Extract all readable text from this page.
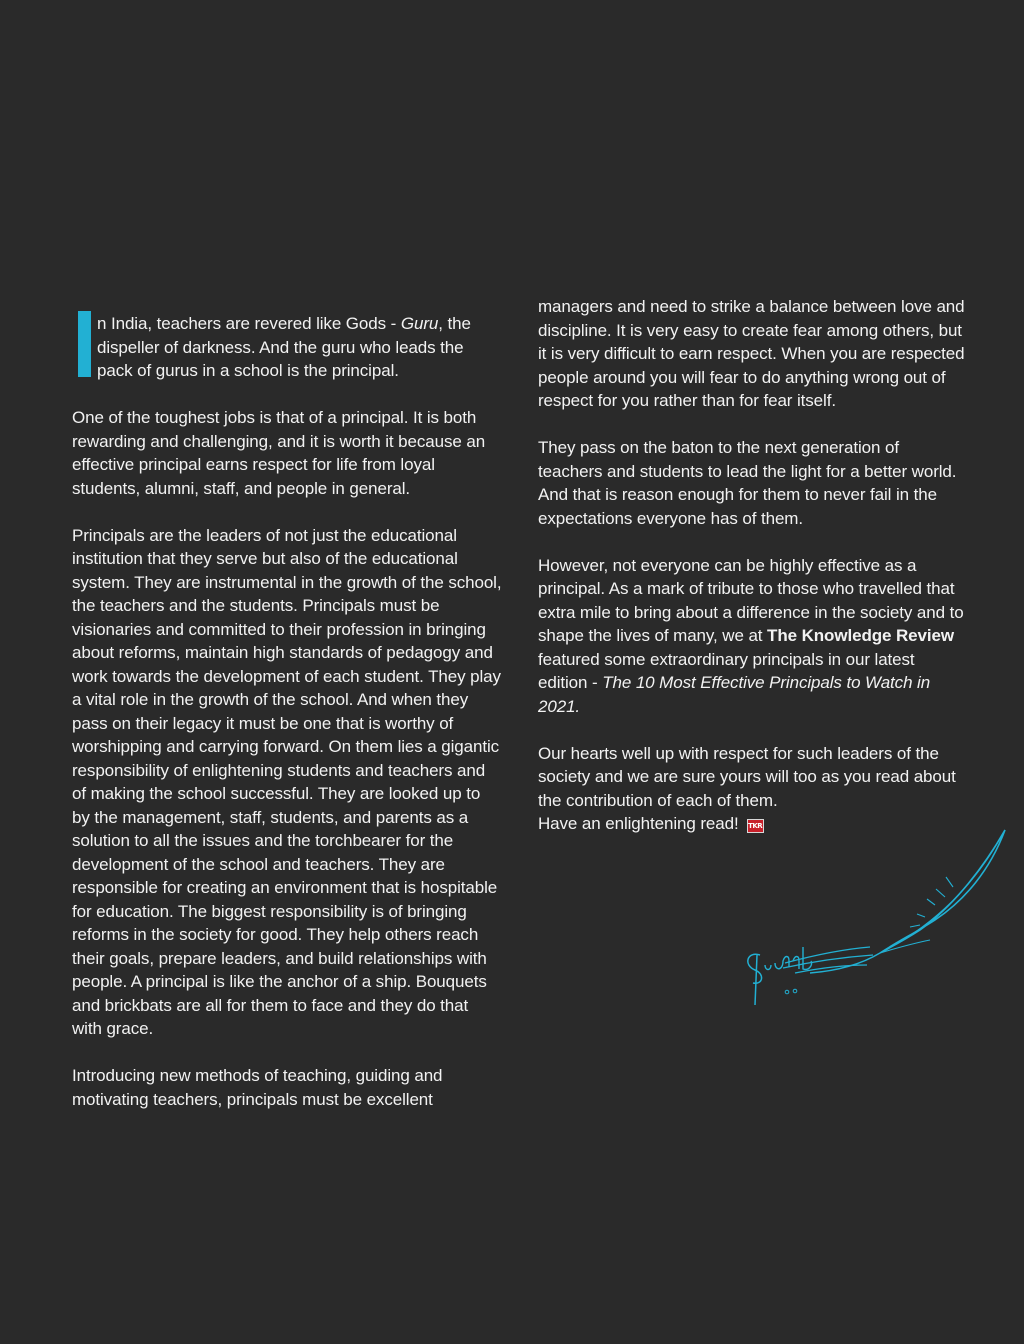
n India, teachers are revered like Gods - Guru, the dispeller of darkness. And the guru who leads the pack of gurus in a school is the principal.

One of the toughest jobs is that of a principal. It is both rewarding and challenging, and it is worth it because an effective principal earns respect for life from loyal students, alumni, staff, and people in general.

Principals are the leaders of not just the educational institution that they serve but also of the educational system. They are instrumental in the growth of the school, the teachers and the students. Principals must be visionaries and committed to their profession in bringing about reforms, maintain high standards of pedagogy and work towards the development of each student. They play a vital role in the growth of the school. And when they pass on their legacy it must be one that is worthy of worshipping and carrying forward. On them lies a gigantic responsibility of enlightening students and teachers and of making the school successful. They are looked up to by the management, staff, students, and parents as a solution to all the issues and the torchbearer for the development of the school and teachers. They are responsible for creating an environment that is hospitable for education. The biggest responsibility is of bringing reforms in the society for good. They help others reach their goals, prepare leaders, and build relationships with people. A principal is like the anchor of a ship. Bouquets and brickbats are all for them to face and they do that with grace.

Introducing new methods of teaching, guiding and motivating teachers, principals must be excellent

managers and need to strike a balance between love and discipline. It is very easy to create fear among others, but it is very difficult to earn respect. When you are respected people around you will fear to do anything wrong out of respect for you rather than for fear itself.

They pass on the baton to the next generation of teachers and students to lead the light for a better world. And that is reason enough for them to never fail in the expectations everyone has of them.

However, not everyone can be highly effective as a principal. As a mark of tribute to those who travelled that extra mile to bring about a difference in the society and to shape the lives of many, we at The Knowledge Review featured some extraordinary principals in our latest edition - The 10 Most Effective Principals to Watch in 2021.

Our hearts well up with respect for such leaders of the society and we are sure yours will too as you read about the contribution of each of them.
Have an enlightening read! TKR
